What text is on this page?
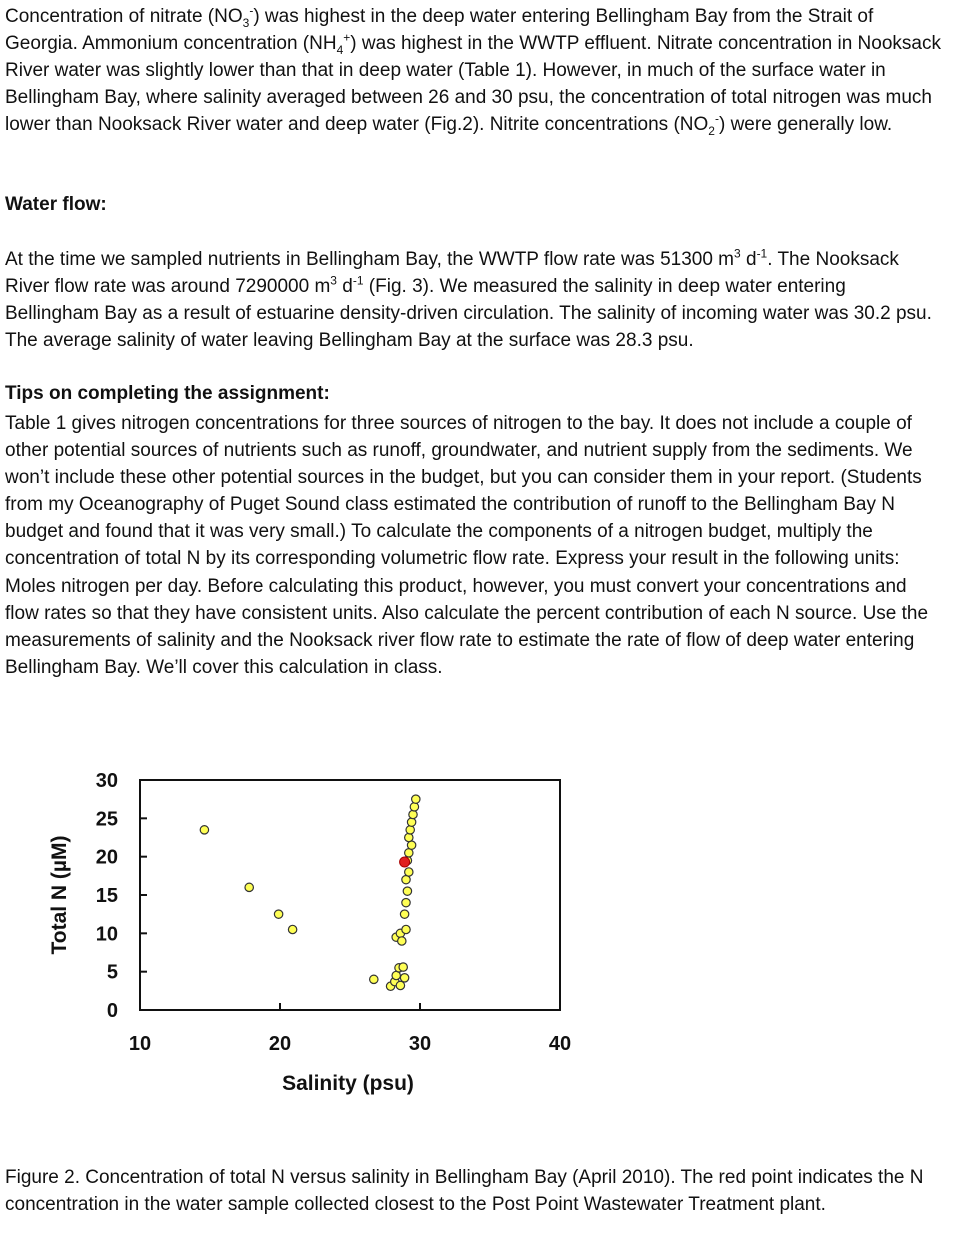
Concentration of nitrate $(NO_3^-)$ was highest in the deep water entering Bellingham Bay from the Strait of Georgia. Ammonium concentration $(NH_4^+)$ was highest in the WWTP effluent. Nitrate concentration in Nooksack River water was slightly lower than that in deep water (Table 1). However, in much of the surface water in Bellingham Bay, where salinity averaged between 26 and 30 psu, the concentration of total nitrogen was much lower than Nooksack River water and deep water (Fig.2). Nitrite concentrations $(NO_2^-)$ were generally low.

Water flow:

At the time we sampled nutrients in Bellingham Bay, the WWTP flow rate was 51300 $m^3$ $d^{-1}$. The Nooksack River flow rate was around 7290000 $m^3$ $d^{-1}$ (Fig. 3). We measured the salinity in deep water entering Bellingham Bay as a result of estuarine density-driven circulation. The salinity of incoming water was 30.2 psu. The average salinity of water leaving Bellingham Bay at the surface was 28.3 psu.

Tips on completing the assignment:

Table 1 gives nitrogen concentrations for three sources of nitrogen to the bay. It does not include a couple of other potential sources of nutrients such as runoff, groundwater, and nutrient supply from the sediments. We won’t include these other potential sources in the budget, but you can consider them in your report. (Students from my Oceanography of Puget Sound class estimated the contribution of runoff to the Bellingham Bay N budget and found that it was very small.) To calculate the components of a nitrogen budget, multiply the concentration of total N by its corresponding volumetric flow rate. Express your result in the following units: Moles nitrogen per day. Before calculating this product, however, you must convert your concentrations and flow rates so that they have consistent units. Also calculate the percent contribution of each N source. Use the measurements of salinity and the Nooksack river flow rate to estimate the rate of flow of deep water entering Bellingham Bay. We’ll cover this calculation in class.

0
5
10
15
20
25
30
10	20	30	40
Salinity (psu)
Total N (µM)

Figure 2. Concentration of total N versus salinity in Bellingham Bay (April 2010). The red point indicates the N concentration in the water sample collected closest to the Post Point Wastewater Treatment plant.
